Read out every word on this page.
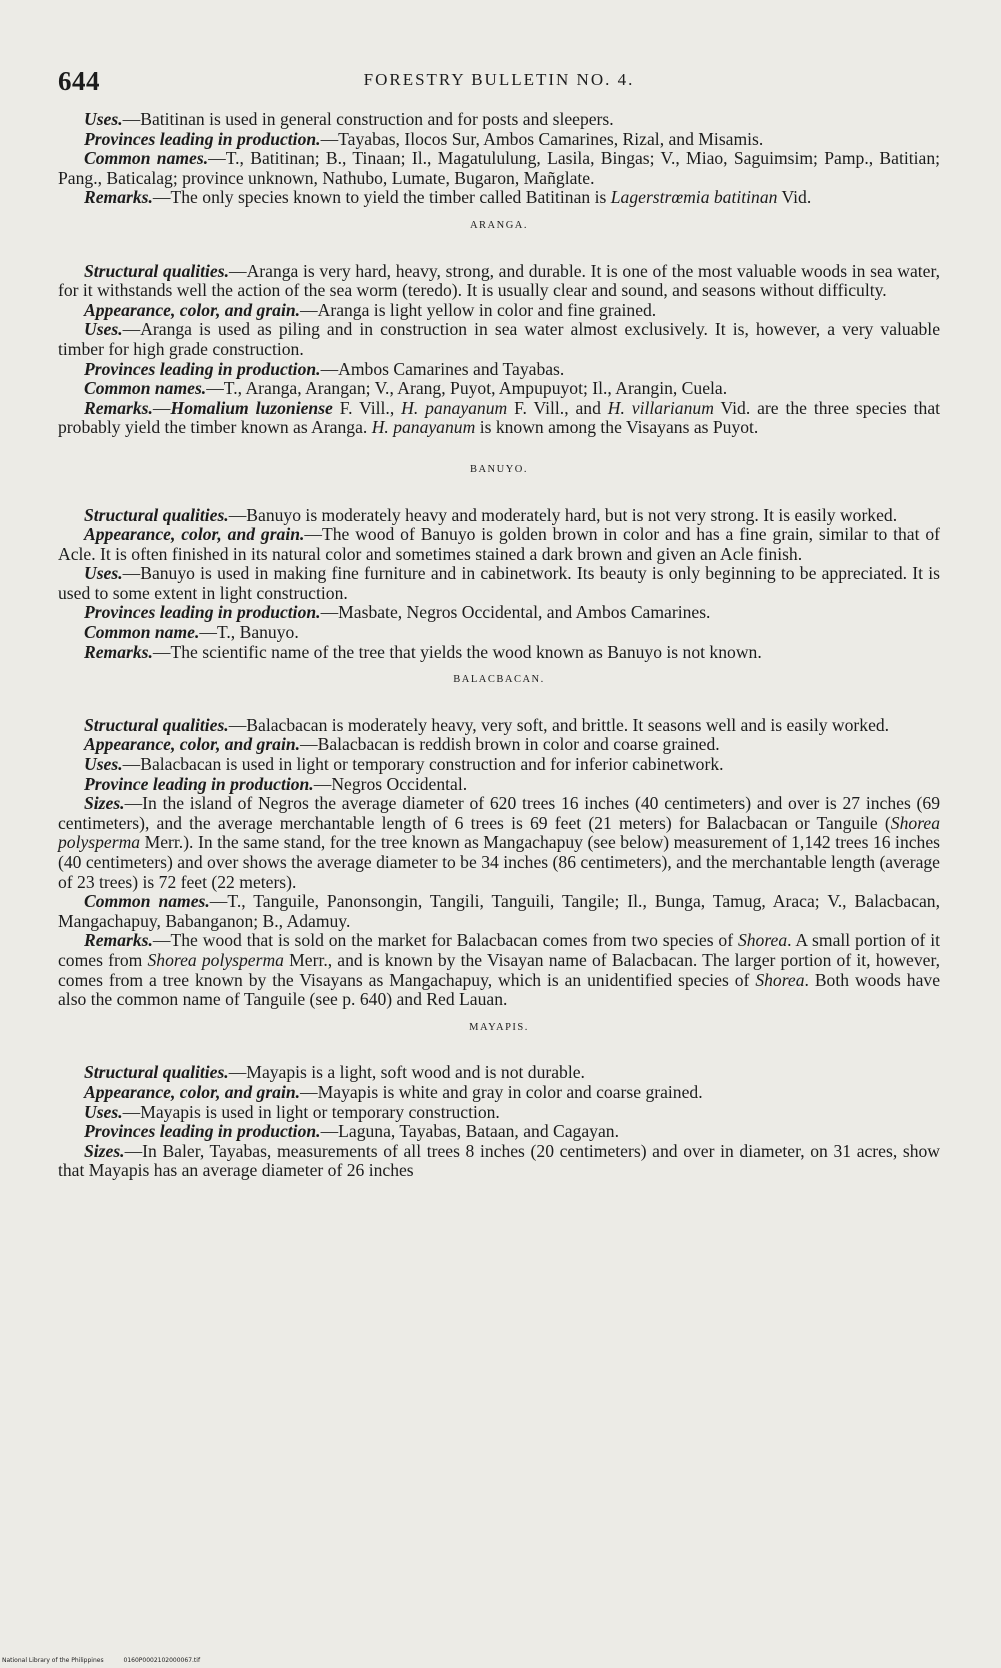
644	FORESTRY BULLETIN NO. 4.

Uses.—Batitinan is used in general construction and for posts and sleepers.

Provinces leading in production.—Tayabas, Ilocos Sur, Ambos Camarines, Rizal, and Misamis.

Common names.—T., Batitinan; B., Tinaan; Il., Magatululung, Lasila, Bingas; V., Miao, Saguimsim; Pamp., Batitian; Pang., Baticalag; province unknown, Nathubo, Lumate, Bugaron, Mañglate.

Remarks.—The only species known to yield the timber called Batitinan is Lagerstrœmia batitinan Vid.

ARANGA.

Structural qualities.—Aranga is very hard, heavy, strong, and durable. It is one of the most valuable woods in sea water, for it withstands well the action of the sea worm (teredo). It is usually clear and sound, and seasons without difficulty.

Appearance, color, and grain.—Aranga is light yellow in color and fine grained.

Uses.—Aranga is used as piling and in construction in sea water almost exclusively. It is, however, a very valuable timber for high grade construction.

Provinces leading in production.—Ambos Camarines and Tayabas.

Common names.—T., Aranga, Arangan; V., Arang, Puyot, Ampupuyot; Il., Arangin, Cuela.

Remarks.—Homalium luzoniense F. Vill., H. panayanum F. Vill., and H. villarianum Vid. are the three species that probably yield the timber known as Aranga. H. panayanum is known among the Visayans as Puyot.

BANUYO.

Structural qualities.—Banuyo is moderately heavy and moderately hard, but is not very strong. It is easily worked.

Appearance, color, and grain.—The wood of Banuyo is golden brown in color and has a fine grain, similar to that of Acle. It is often finished in its natural color and sometimes stained a dark brown and given an Acle finish.

Uses.—Banuyo is used in making fine furniture and in cabinetwork. Its beauty is only beginning to be appreciated. It is used to some extent in light construction.

Provinces leading in production.—Masbate, Negros Occidental, and Ambos Camarines.

Common name.—T., Banuyo.

Remarks.—The scientific name of the tree that yields the wood known as Banuyo is not known.

BALACBACAN.

Structural qualities.—Balacbacan is moderately heavy, very soft, and brittle. It seasons well and is easily worked.

Appearance, color, and grain.—Balacbacan is reddish brown in color and coarse grained.

Uses.—Balacbacan is used in light or temporary construction and for inferior cabinetwork.

Province leading in production.—Negros Occidental.

Sizes.—In the island of Negros the average diameter of 620 trees 16 inches (40 centimeters) and over is 27 inches (69 centimeters), and the average merchantable length of 6 trees is 69 feet (21 meters) for Balacbacan or Tanguile (Shorea polysperma Merr.). In the same stand, for the tree known as Mangachapuy (see below) measurement of 1,142 trees 16 inches (40 centimeters) and over shows the average diameter to be 34 inches (86 centimeters), and the merchantable length (average of 23 trees) is 72 feet (22 meters).

Common names.—T., Tanguile, Panonsongin, Tangili, Tanguili, Tangile; Il., Bunga, Tamug, Araca; V., Balacbacan, Mangachapuy, Babanganon; B., Adamuy.

Remarks.—The wood that is sold on the market for Balacbacan comes from two species of Shorea. A small portion of it comes from Shorea polysperma Merr., and is known by the Visayan name of Balacbacan. The larger portion of it, however, comes from a tree known by the Visayans as Mangachapuy, which is an unidentified species of Shorea. Both woods have also the common name of Tanguile (see p. 640) and Red Lauan.

MAYAPIS.

Structural qualities.—Mayapis is a light, soft wood and is not durable.

Appearance, color, and grain.—Mayapis is white and gray in color and coarse grained.

Uses.—Mayapis is used in light or temporary construction.

Provinces leading in production.—Laguna, Tayabas, Bataan, and Cagayan.

Sizes.—In Baler, Tayabas, measurements of all trees 8 inches (20 centimeters) and over in diameter, on 31 acres, show that Mayapis has an average diameter of 26 inches

National Library of the Philippines	0160P0002102000067.tif
